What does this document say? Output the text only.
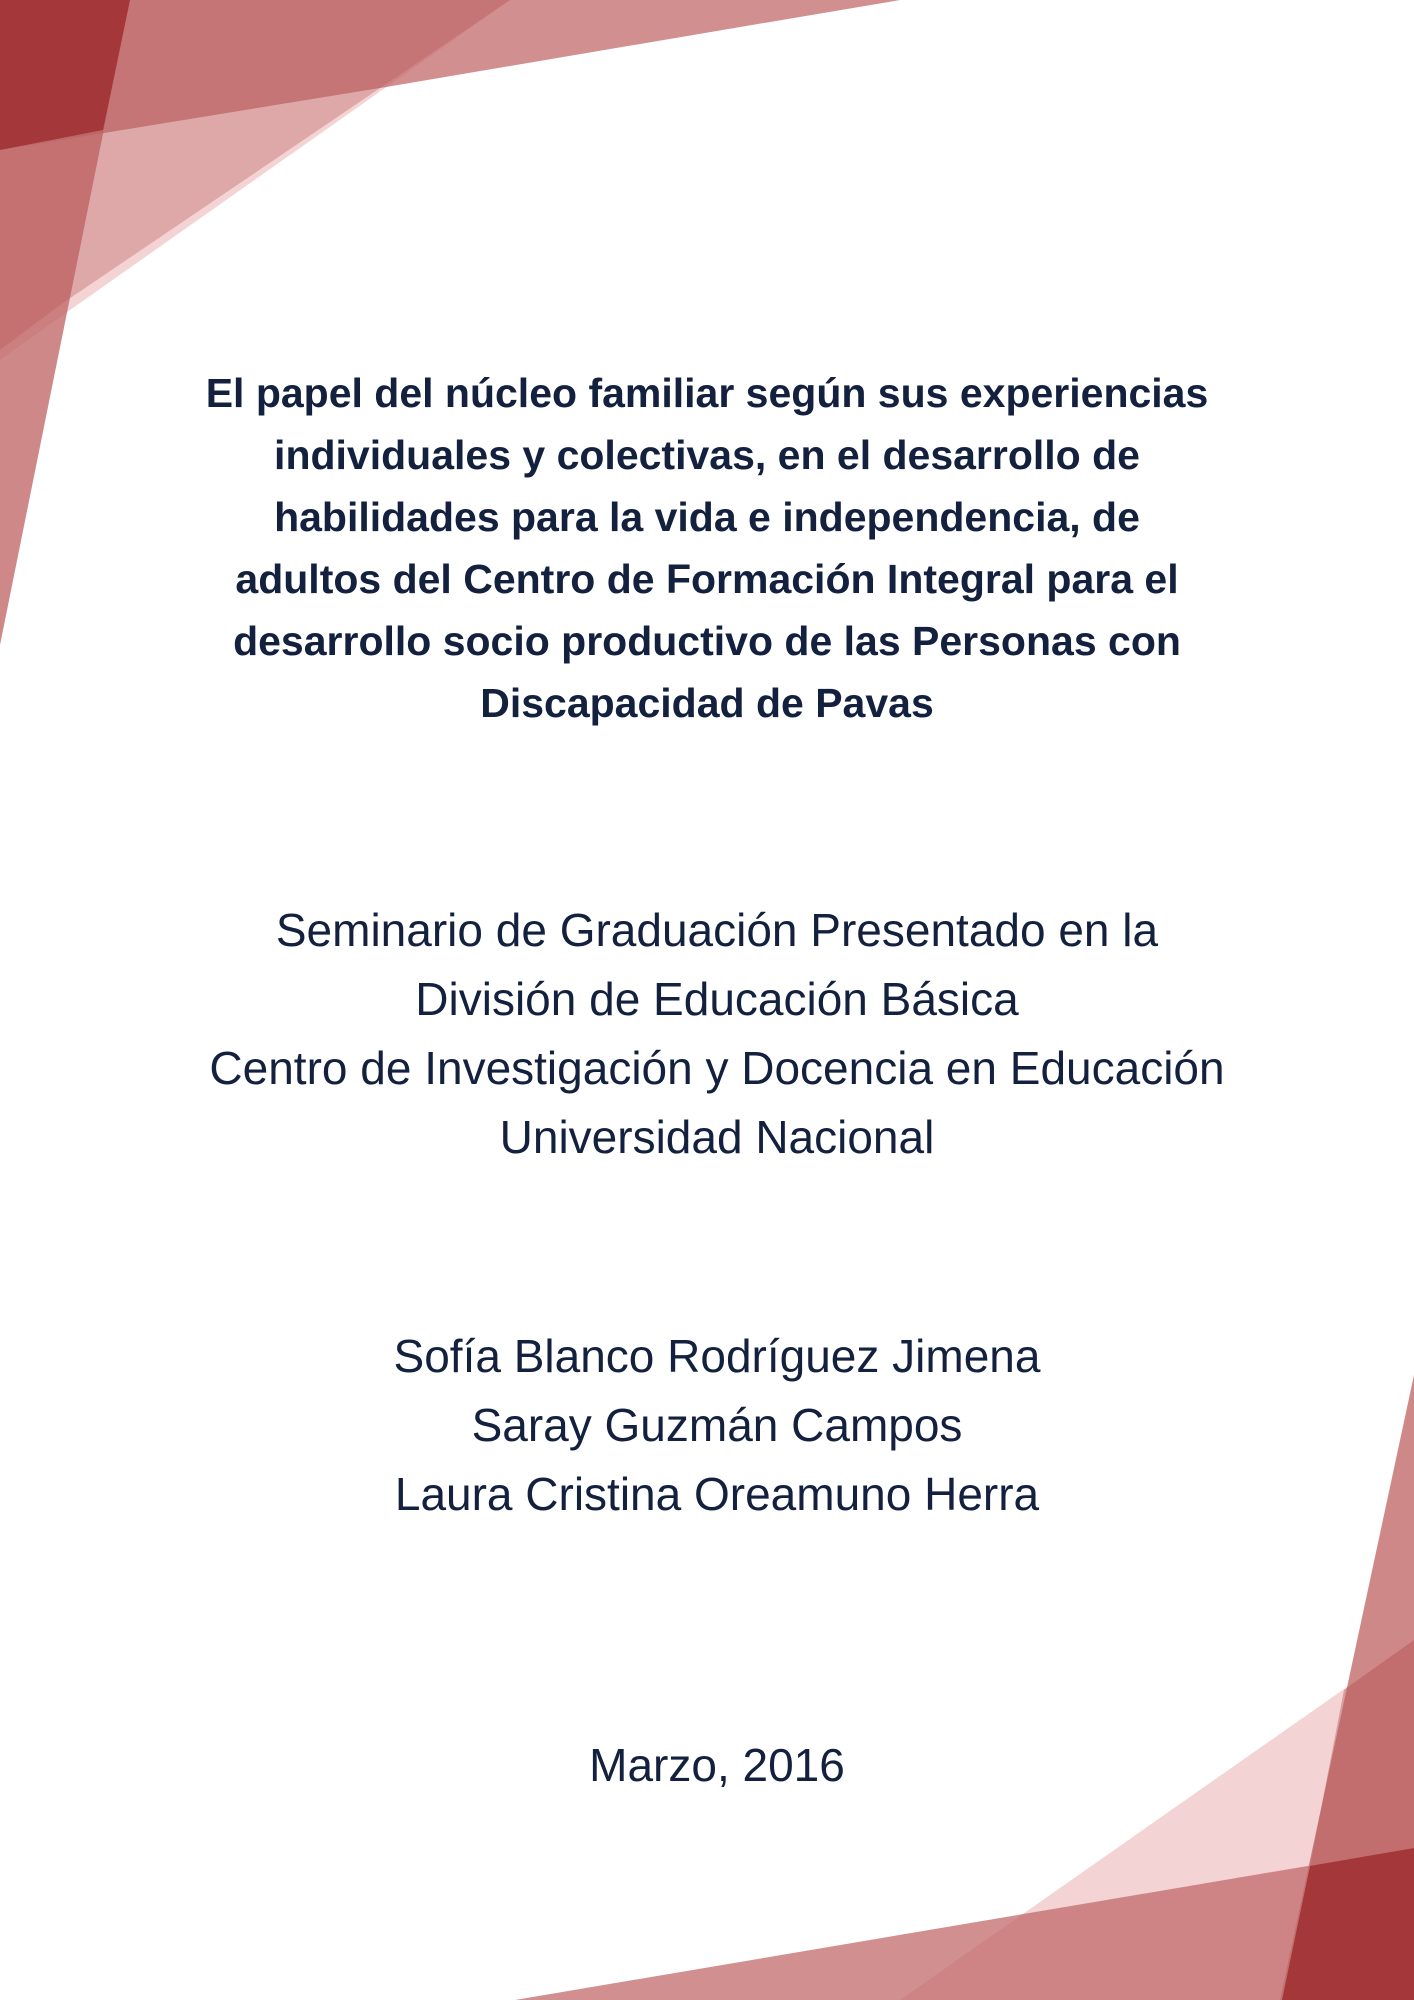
El papel del núcleo familiar según sus experiencias
individuales y colectivas, en el desarrollo de
habilidades para la vida e independencia, de
adultos del Centro de Formación Integral para el
desarrollo socio productivo de las Personas con
Discapacidad de Pavas
Seminario de Graduación Presentado en la
División de Educación Básica
Centro de Investigación y Docencia en Educación
Universidad Nacional
Sofía Blanco Rodríguez Jimena
Saray Guzmán Campos
Laura Cristina Oreamuno Herra
Marzo, 2016
